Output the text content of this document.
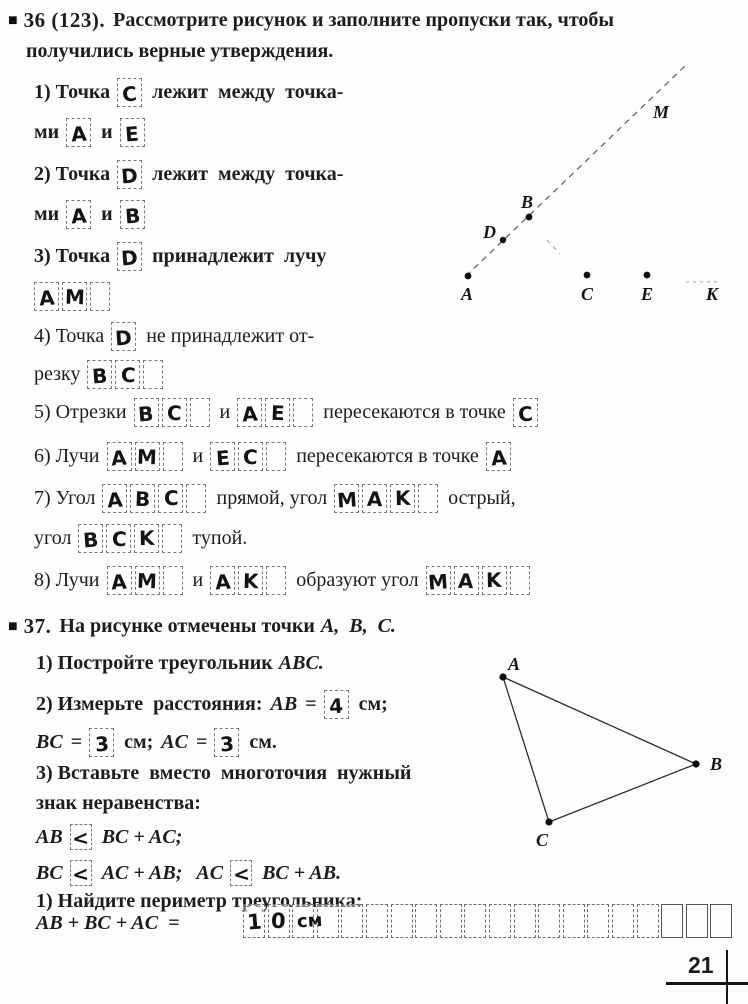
■ 36 (123). Рассмотрите рисунок и заполните пропуски так, чтобы
получились верные утверждения.
1) Точка C лежит  между  точка-
ми A и E
2) Точка D лежит  между  точка-
ми A и B
3) Точка D принадлежит  лучу
A M
4) Точка D не принадлежит от-
резку B C
5) Отрезки B C и A E пересекаются в точке C
6) Лучи A M и E C пересекаются в точке A
7) Угол A B C прямой, угол M A K острый,
угол B C K тупой.
8) Лучи A M и A K образуют угол M A K
A
D
B
C	E	K
M
■ 37. На рисунке отмечены точки A,  B,  C.
1) Постройте треугольник ABC.
2) Измерьте  расстояния: AB = 4 см;
BC = 3 см; AC = 3 см.
3) Вставьте  вместо  многоточия  нужный
знак неравенства:
AB < BC + AC;
BC < AC + AB; AC < BC + AB.
1) Найдите периметр треугольника:
AB + BC + AC  =	1 0 см
A
B
C
21
